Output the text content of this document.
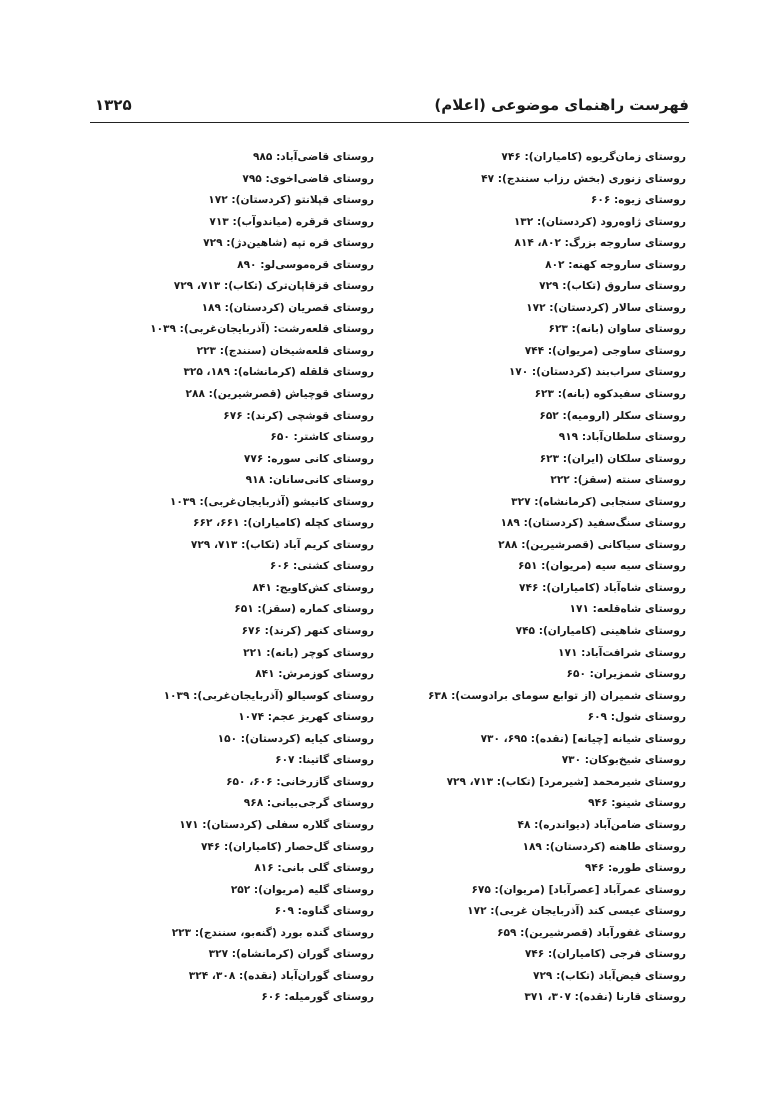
فهرست راهنمای موضوعی (اعلام)
۱۳۲۵
روستای زمان‌گریوه (کامیاران): ۷۴۶
روستای زنوری (بخش رزاب سنندج): ۴۷
روستای زیوه: ۶۰۶
روستای ژاوه‌رود (کردستان): ۱۳۲
روستای ساروجه بزرگ: ۸۰۲، ۸۱۴
روستای ساروجه کهنه: ۸۰۲
روستای ساروق (تکاب): ۷۲۹
روستای سالار (کردستان): ۱۷۲
روستای ساوان (بانه): ۶۲۳
روستای ساوجی (مریوان): ۷۴۴
روستای سراب‌بند (کردستان): ۱۷۰
روستای سفیدکوه (بانه): ۶۲۳
روستای سکلر (ارومیه): ۶۵۲
روستای سلطان‌آباد: ۹۱۹
روستای سلکان (ایران): ۶۲۳
روستای سنته (سقز): ۲۲۲
روستای سنجابی (کرمانشاه): ۳۲۷
روستای سنگ‌سفید (کردستان): ۱۸۹
روستای سیاکانی (قصرشیرین): ۲۸۸
روستای سیه سیه (مریوان): ۶۵۱
روستای شاه‌آباد (کامیاران): ۷۴۶
روستای شاه‌قلعه: ۱۷۱
روستای شاهینی (کامیاران): ۷۴۵
روستای شرافت‌آباد: ۱۷۱
روستای شمزیران: ۶۵۰
روستای شمیران (از توابع سومای برادوست): ۶۳۸
روستای شول: ۶۰۹
روستای شیانه [چیانه] (نقده): ۶۹۵، ۷۳۰
روستای شیخ‌بوکان: ۷۳۰
روستای شیرمحمد [شیرمرد] (تکاب): ۷۱۳، ۷۲۹
روستای شینو: ۹۴۶
روستای ضامن‌آباد (دیواندره): ۴۸
روستای طاهنه (کردستان): ۱۸۹
روستای طوره: ۹۴۶
روستای عمرآباد [عصرآباد] (مریوان): ۶۷۵
روستای عیسی کند (آذربایجان غربی): ۱۷۲
روستای غفورآباد (قصرشیرین): ۶۵۹
روستای فرجی (کامیاران): ۷۴۶
روستای فیض‌آباد (تکاب): ۷۲۹
روستای قارنا (نقده): ۳۰۷، ۳۷۱
روستای قاضی‌آباد: ۹۸۵
روستای قاضی‌اخوی: ۷۹۵
روستای قپلانتو (کردستان): ۱۷۲
روستای قرقره (میاندوآب): ۷۱۳
روستای قره تپه (شاهین‌دژ): ۷۲۹
روستای قره‌موسی‌لو: ۸۹۰
روستای قزقاپان‌ترک (تکاب): ۷۱۳، ۷۲۹
روستای قصریان (کردستان): ۱۸۹
روستای قلعه‌رشت: (آذربایجان‌غربی): ۱۰۳۹
روستای قلعه‌شیخان (سنندج): ۲۲۳
روستای قلقله (کرمانشاه): ۱۸۹، ۳۲۵
روستای قوچیاش (قصرشیرین): ۲۸۸
روستای قوشچی (کرند): ۶۷۶
روستای کاشتر: ۶۵۰
روستای کانی سوره: ۷۷۶
روستای کانی‌سانان: ۹۱۸
روستای کانیشو (آذربایجان‌غربی): ۱۰۳۹
روستای کچله (کامیاران): ۶۶۱، ۶۶۲
روستای کریم آباد (تکاب): ۷۱۳، ۷۲۹
روستای کشتی: ۶۰۶
روستای کش‌کاویج: ۸۴۱
روستای کماره (سقز): ۶۵۱
روستای کنهر (کرند): ۶۷۶
روستای کوچر (بانه): ۲۲۱
روستای کوزمرش: ۸۴۱
روستای کوسیالو (آذربایجان‌غربی): ۱۰۳۹
روستای کهریز عجم: ۱۰۷۴
روستای کیایه (کردستان): ۱۵۰
روستای گاتینا: ۶۰۷
روستای گازرخانی: ۶۰۶، ۶۵۰
روستای گرجی‌بیانی: ۹۶۸
روستای گلاره سفلی (کردستان): ۱۷۱
روستای گل‌حصار (کامیاران): ۷۴۶
روستای گلی بانی: ۸۱۶
روستای گلیه (مریوان): ۲۵۲
روستای گناوه: ۶۰۹
روستای گنده بورد (گنه‌بو، سنندج): ۲۲۳
روستای گوران (کرمانشاه): ۳۲۷
روستای گوران‌آباد (نقده): ۳۰۸، ۳۲۴
روستای گورمیله: ۶۰۶
